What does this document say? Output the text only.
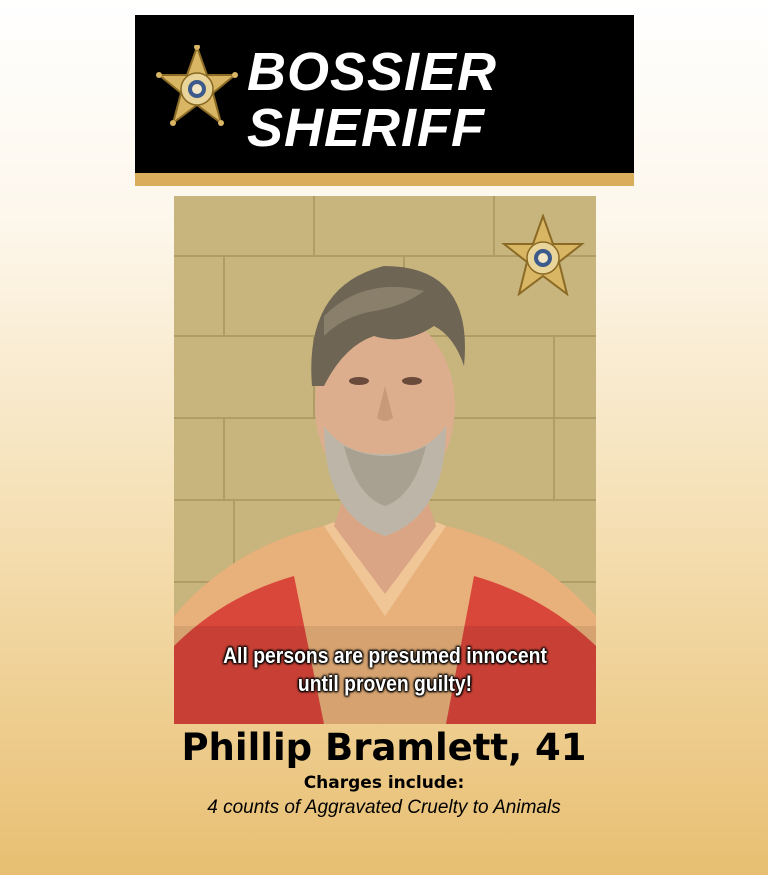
BOSSIER
SHERIFF
All persons are presumed innocent
until proven guilty!
Phillip Bramlett, 41
Charges include:
4 counts of Aggravated Cruelty to Animals
